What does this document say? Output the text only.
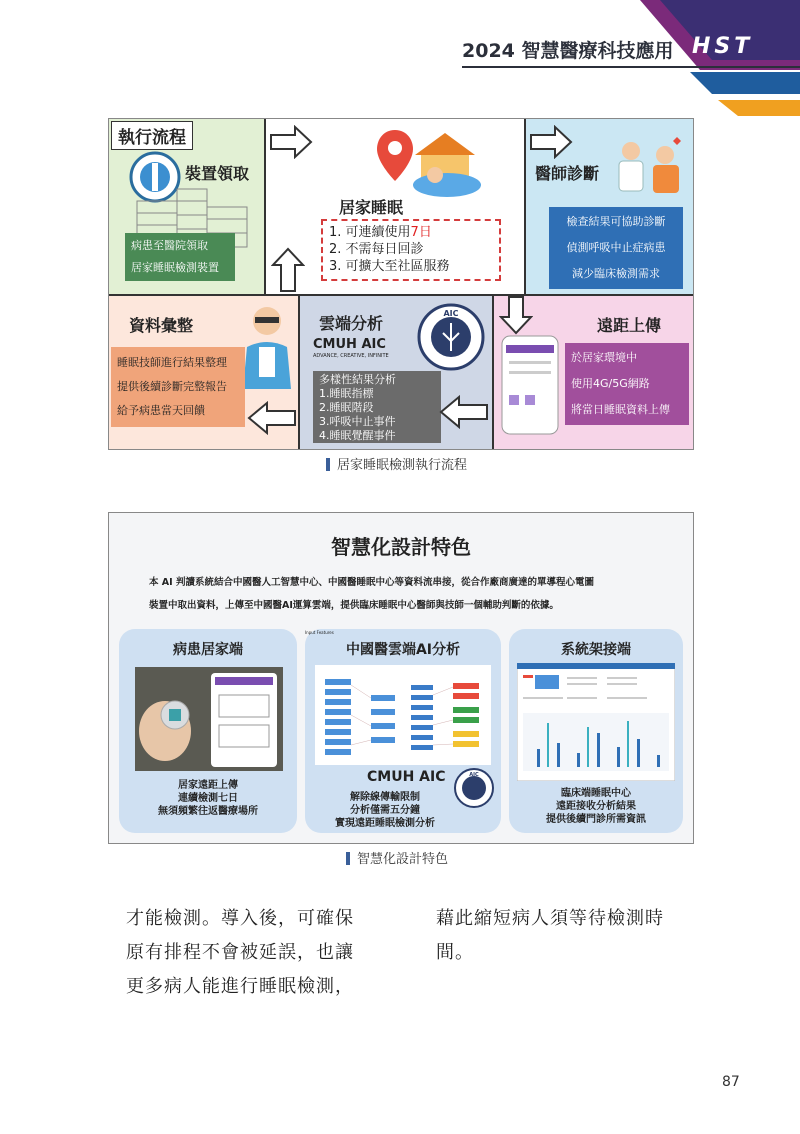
2024 智慧醫療科技應用 HST
裝置領取
病患至醫院領取
居家睡眠檢測裝置
居家睡眠
1. 可連續使用7日
2. 不需每日回診
3. 可擴大至社區服務
醫師診斷
檢查結果可協助診斷
偵測呼吸中止症病患
減少臨床檢測需求
資料彙整
睡眠技師進行結果整理
提供後續診斷完整報告
給予病患當天回饋
雲端分析
CMUH AIC
ADVANCE, CREATIVE, INFINITE
AIC
多樣性結果分析
1.睡眠指標
2.睡眠階段
3.呼吸中止事件
4.睡眠覺醒事件
遠距上傳
於居家環境中
使用4G/5G網路
將當日睡眠資料上傳
執行流程
居家睡眠檢測執行流程
智慧化設計特色
本 AI 判讀系統結合中國醫人工智慧中心、中國醫睡眠中心等資料流串接，從合作廠商廣達的單導程心電圖
裝置中取出資料，上傳至中國醫AI運算雲端，提供臨床睡眠中心醫師與技師一個輔助判斷的依據。
病患居家端
居家遠距上傳
連續檢測七日
無須頻繁往返醫療場所
中國醫雲端AI分析
Input Features
CMUH AIC	AIC
解除線傳輸限制
分析僅需五分鐘
實現遠距睡眠檢測分析
系統架接端
臨床端睡眠中心
遠距接收分析結果
提供後續門診所需資訊
智慧化設計特色
才能檢測。導入後，可確保
原有排程不會被延誤，也讓
更多病人能進行睡眠檢測，
藉此縮短病人須等待檢測時
間。
87
